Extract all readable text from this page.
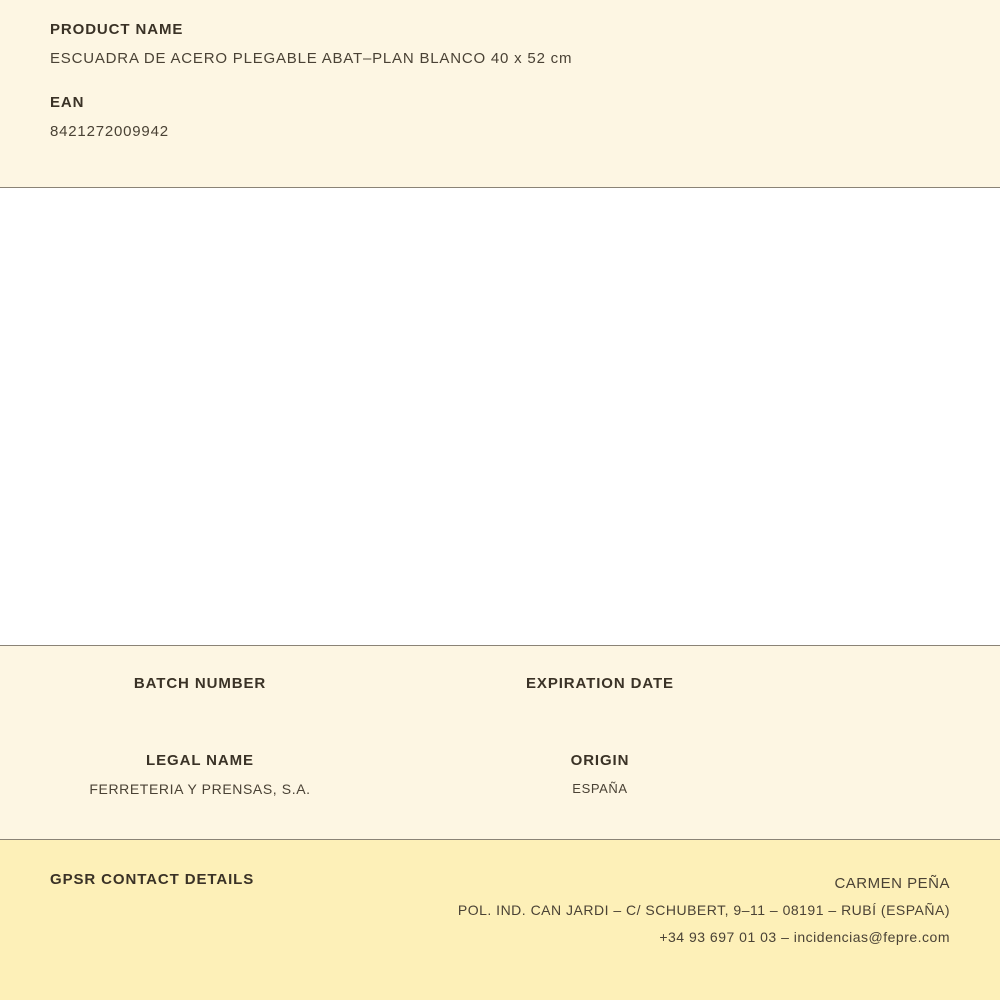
PRODUCT NAME

ESCUADRA DE ACERO PLEGABLE ABAT–PLAN BLANCO 40 x 52 cm

EAN

8421272009942

BATCH NUMBER	EXPIRATION DATE

LEGAL NAME

FERRETERIA Y PRENSAS, S.A.

ORIGIN

ESPAÑA

GPSR CONTACT DETAILS	CARMEN PEÑA
POL. IND. CAN JARDI – C/ SCHUBERT, 9–11 – 08191 – RUBÍ (ESPAÑA)
+34 93 697 01 03 – incidencias@fepre.com
